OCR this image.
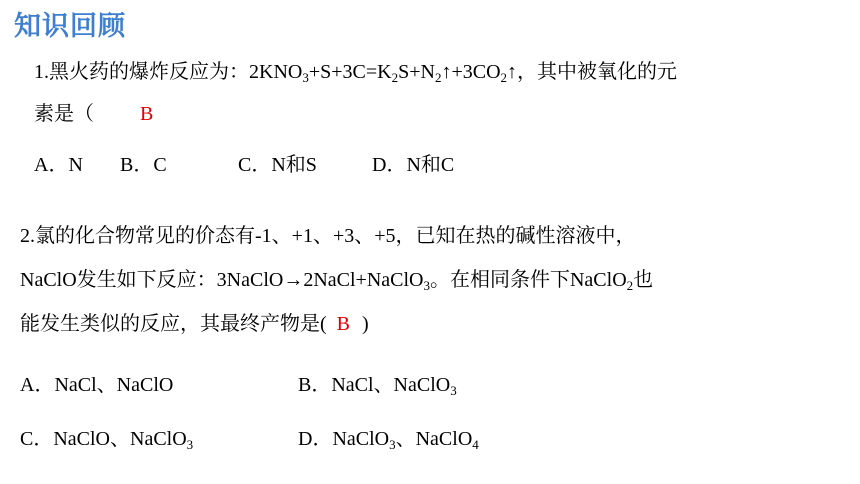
知识回顾
1.黑火药的爆炸反应为：$2KNO_3+S+3C=K_2S+N_2↑+3CO_2↑$，其中被氧化的元
素是（ B
A．N B．C	C．N和S	D．N和C
2.氯的化合物常见的价态有-1、+1、+3、+5，已知在热的碱性溶液中，
NaClO发生如下反应：3NaClO→2NaCl+NaClO$_3$。在相同条件下NaClO$_2$也
能发生类似的反应，其最终产物是( B )
A．NaCl、NaClO	B．NaCl、NaClO$_3$
C．NaClO、NaClO$_3$	D．NaClO$_3$、NaClO$_4$
